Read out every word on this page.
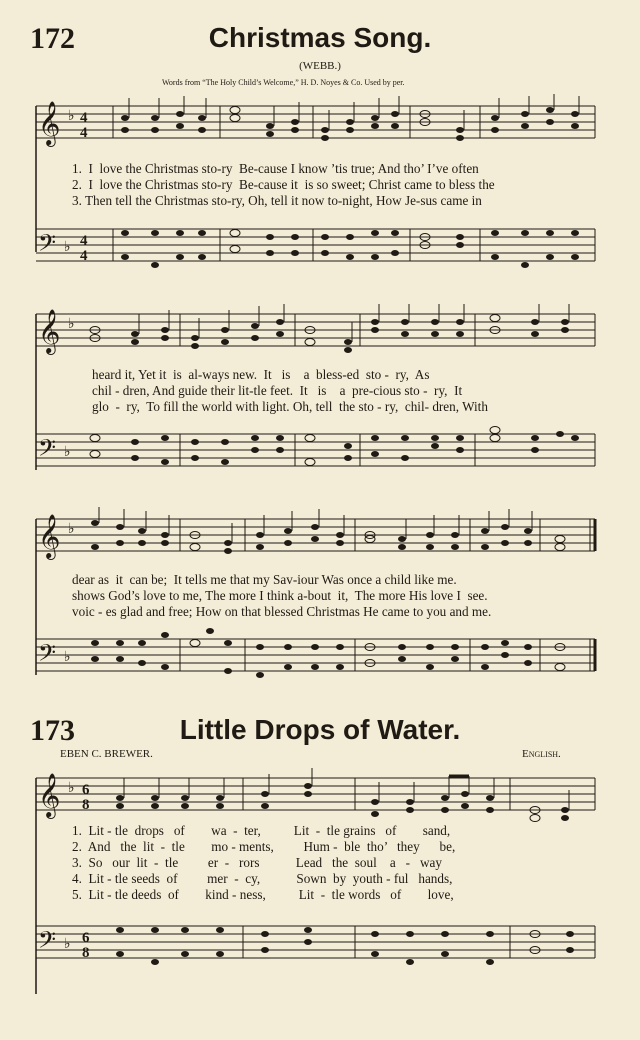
172	Christmas Song.
(WEBB.)
Words from “The Holy Child’s Welcome,” H. D. Noyes & Co. Used by per.
𝄞 ♭ 4
4
1.  I  love the Christmas sto-ry  Be-cause I know ’tis true; And tho’ I’ve often
2.  I  love the Christmas sto-ry  Be-cause it  is so sweet; Christ came to bless the
3. Then tell the Christmas sto-ry, Oh, tell it now to-night, How Je-sus came in
𝄢 ♭ 4
4
𝄞 ♭
heard it, Yet it  is  al-ways new.  It   is    a  bless-ed  sto -  ry,  As
chil - dren, And guide their lit-tle feet.  It   is    a  pre-cious sto -  ry,  It
glo  -  ry,  To fill the world with light. Oh, tell  the sto - ry,  chil- dren, With
𝄢 ♭
𝄞 ♭
dear as  it  can be;  It tells me that my Sav-iour Was once a child like me.
shows God’s love to me, The more I think a-bout  it,  The more His love I  see.
voic - es glad and free; How on that blessed Christmas He came to you and me.
𝄢 ♭
173	Little Drops of Water.
EBEN C. BREWER.	English.
𝄞 ♭ 6
8
1.  Lit - tle  drops   of        wa  -  ter,          Lit  -  tle grains   of        sand,
2.  And   the  lit  -  tle        mo - ments,         Hum -  ble  tho’   they      be,
3.  So   our  lit  -  tle         er  -   rors           Lead   the  soul    a   -   way
4.  Lit - tle seeds  of         mer  -  cy,           Sown  by  youth - ful   hands,
5.  Lit - tle deeds  of        kind - ness,          Lit  -  tle words   of        love,
𝄢 ♭ 6
8
